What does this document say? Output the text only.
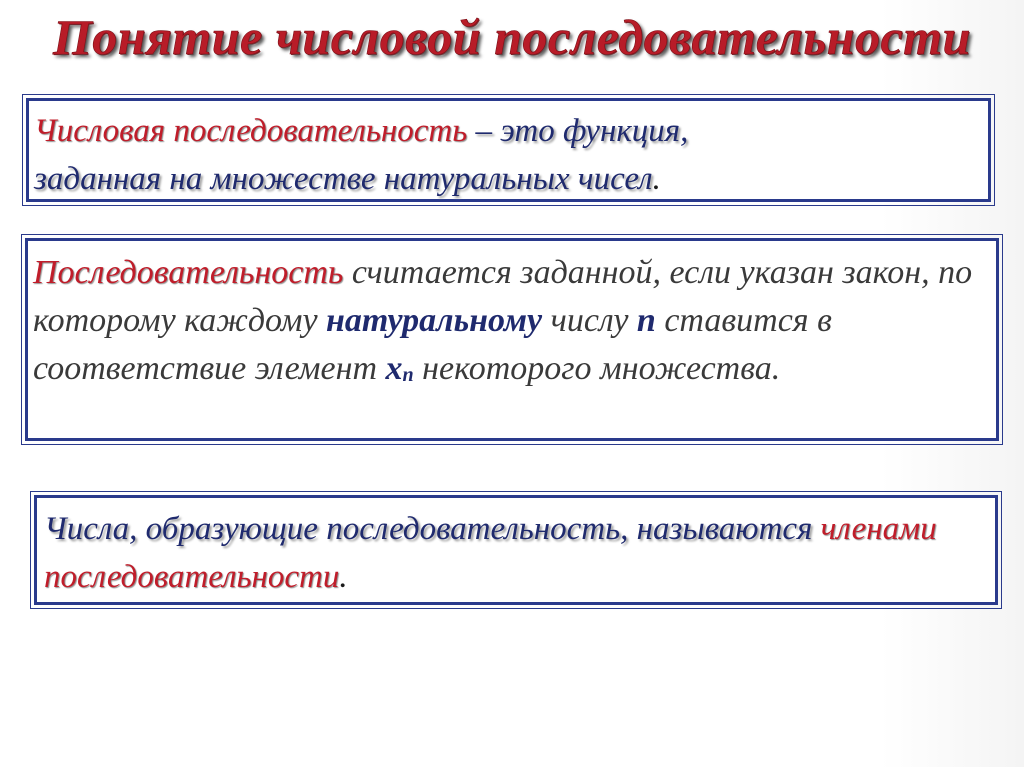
Понятие числовой последовательности
Числовая последовательность – это функция,
заданная на множестве натуральных чисел.
Последовательность считается заданной, если указан закон, по которому каждому натуральному числу n ставится в соответствие элемент $x_n$ некоторого множества.
Числа, образующие последовательность, называются членами последовательности.
